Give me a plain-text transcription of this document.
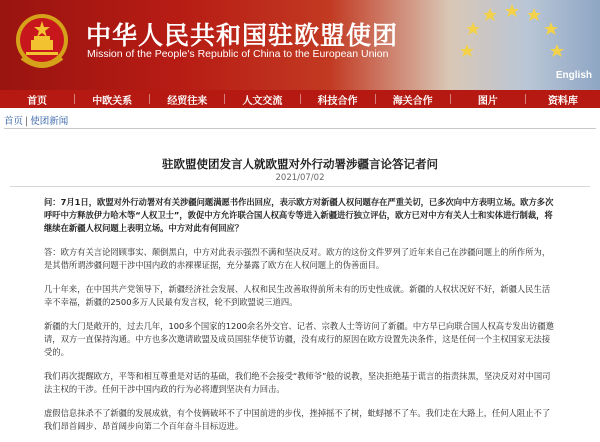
中华人民共和国驻欧盟使团
Mission of the People's Republic of China to the European Union
English
首页	中欧关系	经贸往来	人文交流	科技合作	海关合作	图片	资料库
首页 | 使团新闻
驻欧盟使团发言人就欧盟对外行动署涉疆言论答记者问
2021/07/02

问：7月1日，欧盟对外行动署对有关涉疆问题满愿书作出回应，表示欧方对新疆人权问题存在严重关切，已多次向中方表明立场。欧方多次呼吁中方释放伊力哈木等“人权卫士”，敦促中方允许联合国人权高专等进入新疆进行独立评估，欧方已对中方有关人士和实体进行制裁，将继续在新疆人权问题上表明立场。中方对此有何回应？

答：欧方有关言论罔顾事实、颠倒黑白，中方对此表示强烈不满和坚决反对。欧方的这份文件罗列了近年来自己在涉疆问题上的所作所为，是其借所谓涉疆问题干涉中国内政的赤裸裸证据，充分暴露了欧方在人权问题上的伪善面目。

几十年来，在中国共产党领导下，新疆经济社会发展、人权和民生改善取得前所未有的历史性成就。新疆的人权状况好不好，新疆人民生活幸不幸福，新疆的2500多万人民最有发言权，轮不到欧盟说三道四。

新疆的大门是敞开的，过去几年，100多个国家的1200余名外交官、记者、宗教人士等访问了新疆。中方早已向联合国人权高专发出访疆邀请，双方一直保持沟通。中方也多次邀请欧盟及成员国驻华使节访疆，没有成行的原因在欧方设置先决条件，这是任何一个主权国家无法接受的。

我们再次提醒欧方，平等和相互尊重是对话的基础，我们绝不会接受“教师爷”般的说教，坚决拒绝基于谎言的指责抹黑，坚决反对对中国司法主权的干涉。任何干涉中国内政的行为必将遭到坚决有力回击。

虚假信息抹杀不了新疆的发展成就，有个伎俩破坏不了中国前进的步伐，挫掉摇不了树，蚍蜉撼不了车。我们走在大路上，任何人阻止不了我们昂首阔步、昂首阔步向第二个百年奋斗目标迈进。
